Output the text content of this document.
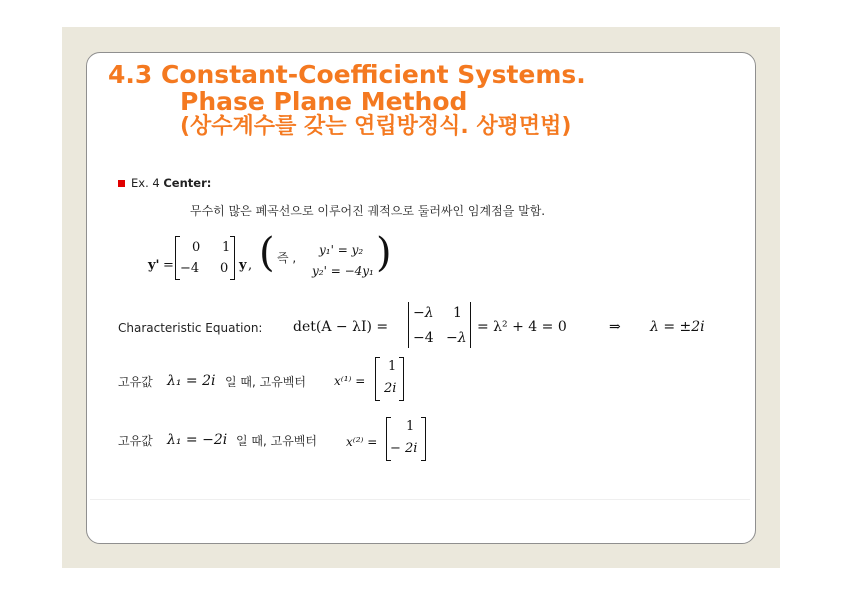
4.3 Constant-Coefficient Systems.
Phase Plane Method
(상수계수를 갖는 연립방정식. 상평면법)
Ex. 4 Center:
무수히 많은 폐곡선으로 이루어진 궤적으로 둘러싸인 임계점을 말함.
y' =
0 1
−4 0 y , ( 즉 ,
y₁' = y₂
y₂' = −4y₁ )
Characteristic Equation: det(A − λI) =
−λ 1
−4 −λ
= λ² + 4 = 0	⇒ λ = ±2i
고유값 λ₁ = 2i 일 때, 고유벡터 x⁽¹⁾ =
1
2i
고유값 λ₁ = −2i 일 때, 고유벡터 x⁽²⁾ =
1
− 2i
